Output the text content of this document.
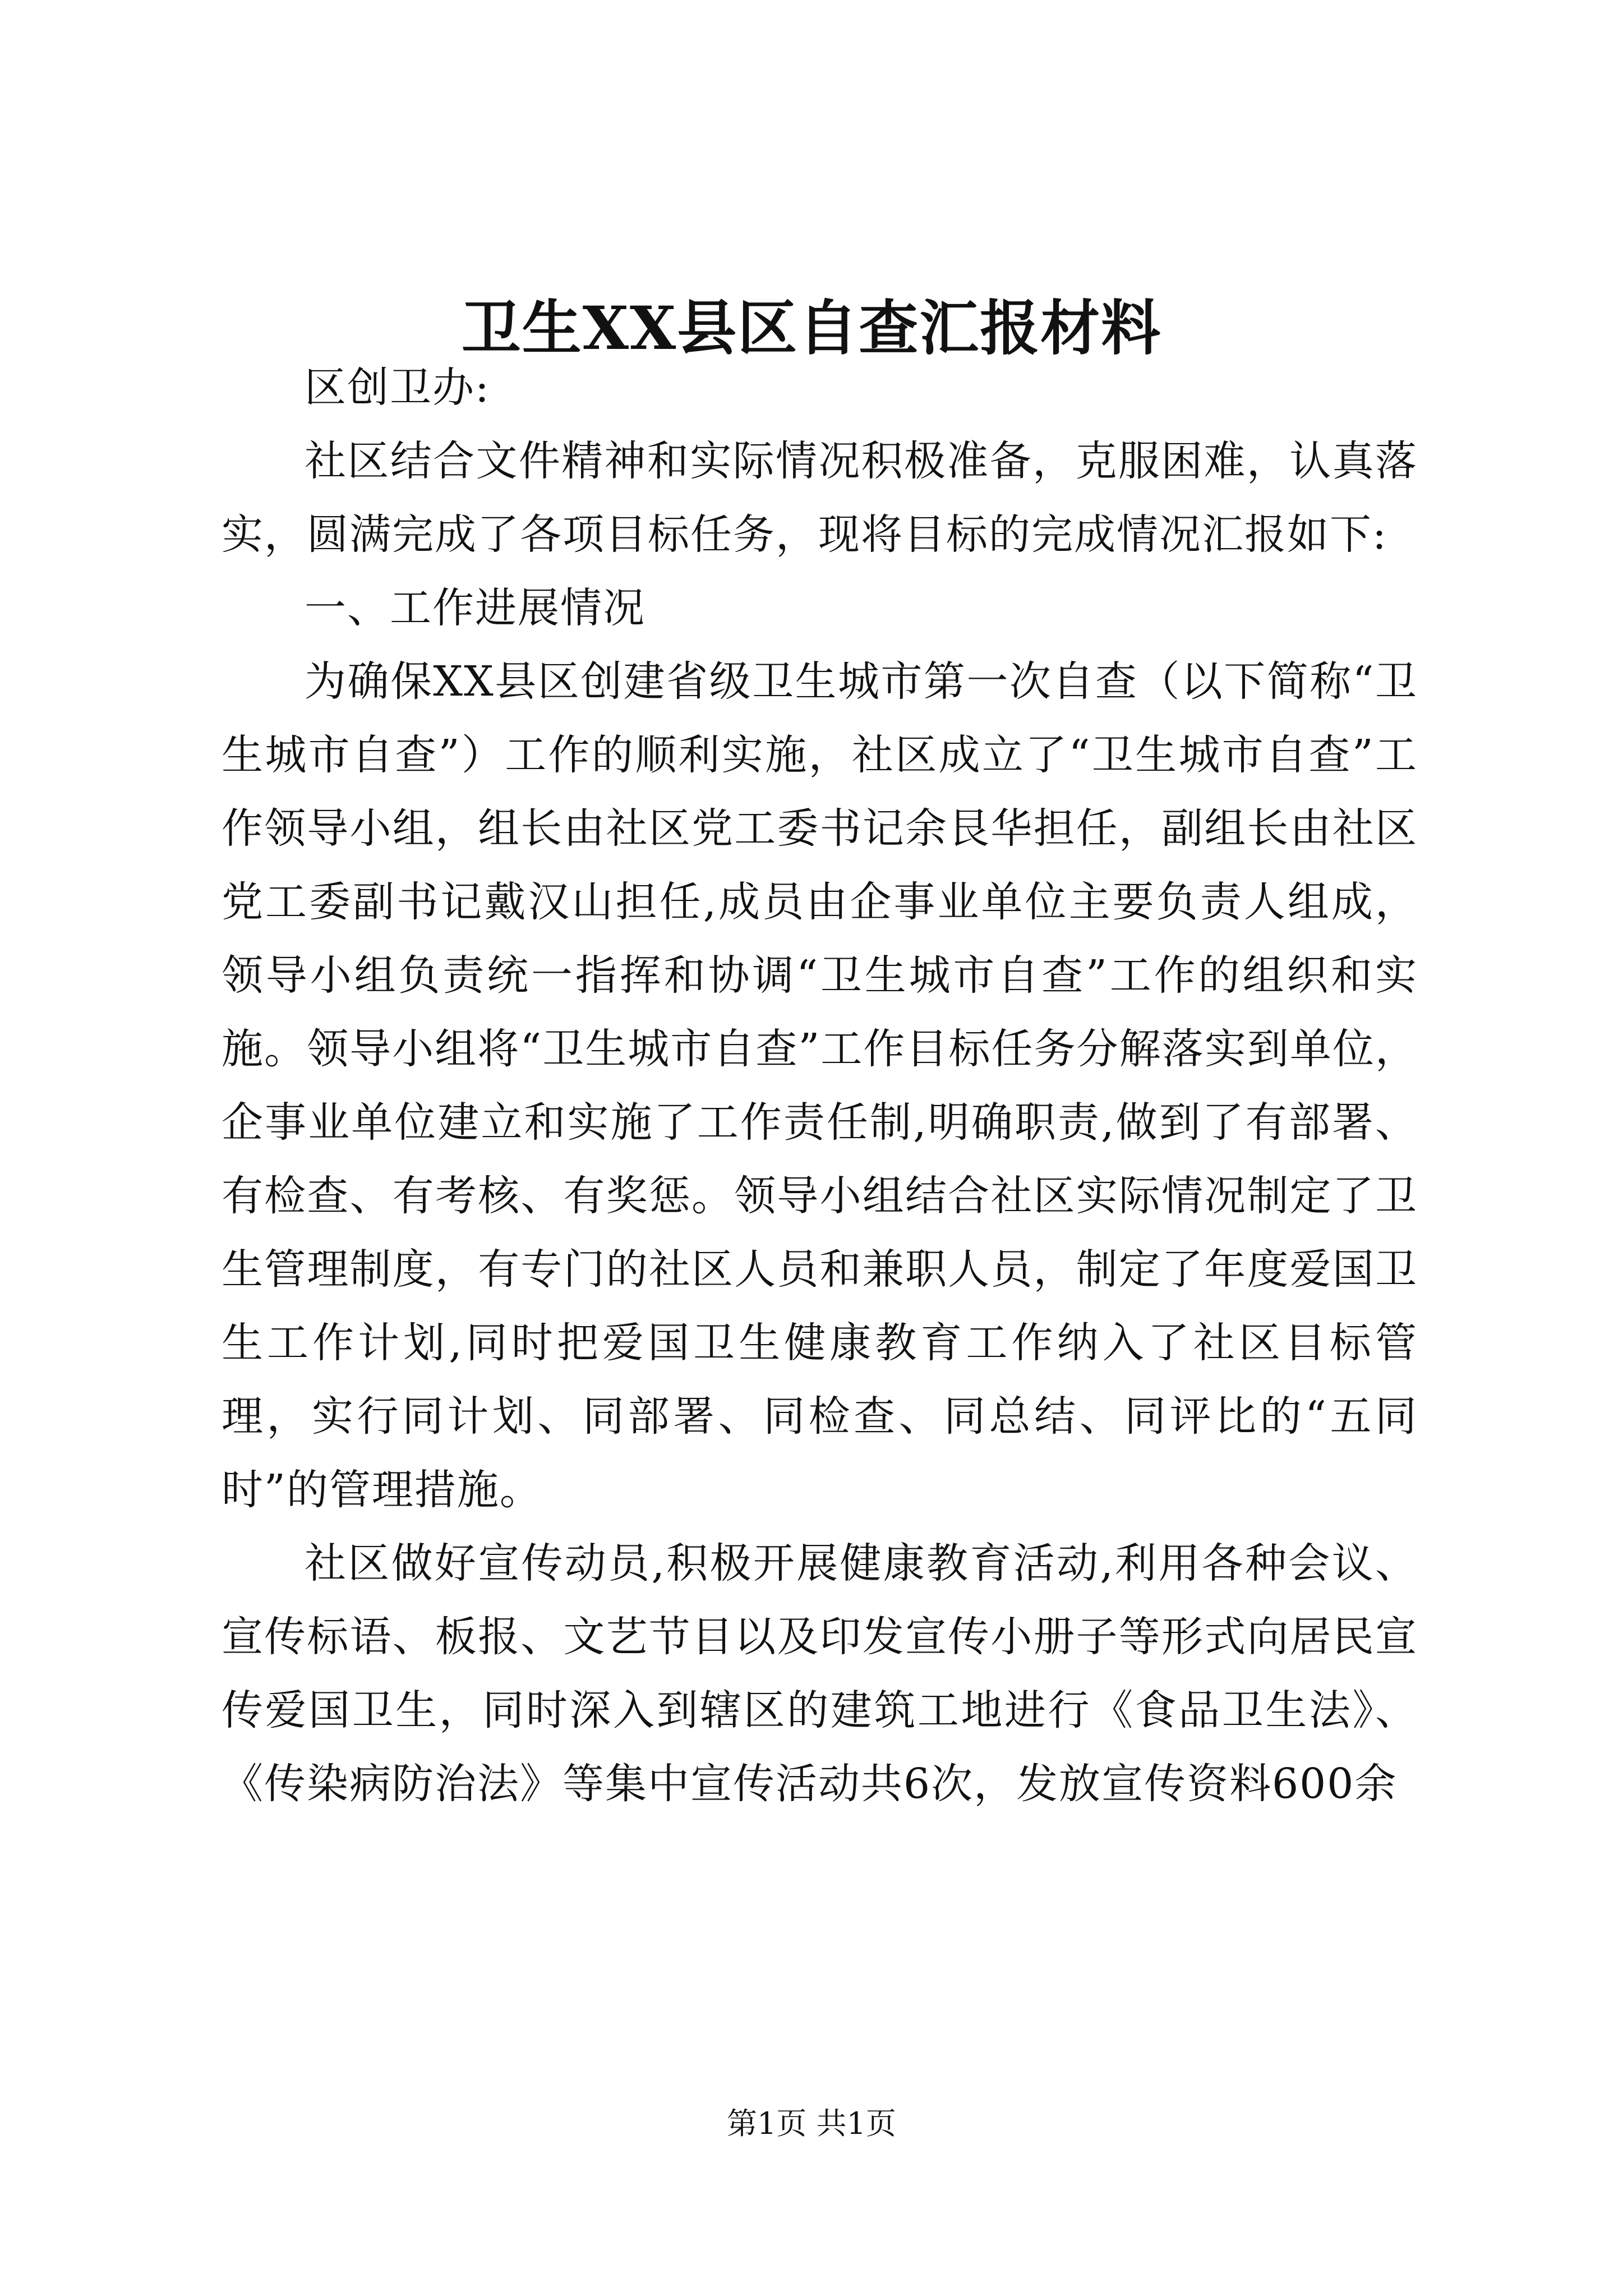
卫生XX县区自查汇报材料

区创卫办:

社区结合文件精神和实际情况积极准备，克服困难，认真落实，圆满完成了各项目标任务，现将目标的完成情况汇报如下:

一、工作进展情况

为确保XX县区创建省级卫生城市第一次自查（以下简称“卫生城市自查”）工作的顺利实施，社区成立了“卫生城市自查”工作领导小组，组长由社区党工委书记余艮华担任，副组长由社区党工委副书记戴汉山担任,成员由企事业单位主要负责人组成，领导小组负责统一指挥和协调“卫生城市自查”工作的组织和实施。领导小组将“卫生城市自查”工作目标任务分解落实到单位，企事业单位建立和实施了工作责任制,明确职责,做到了有部署、有检查、有考核、有奖惩。领导小组结合社区实际情况制定了卫生管理制度，有专门的社区人员和兼职人员，制定了年度爱国卫生工作计划,同时把爱国卫生健康教育工作纳入了社区目标管理，实行同计划、同部署、同检查、同总结、同评比的“五同时”的管理措施。

社区做好宣传动员,积极开展健康教育活动,利用各种会议、宣传标语、板报、文艺节目以及印发宣传小册子等形式向居民宣传爱国卫生，同时深入到辖区的建筑工地进行《食品卫生法》、《传染病防治法》等集中宣传活动共6次，发放宣传资料600余

第1页 共1页
